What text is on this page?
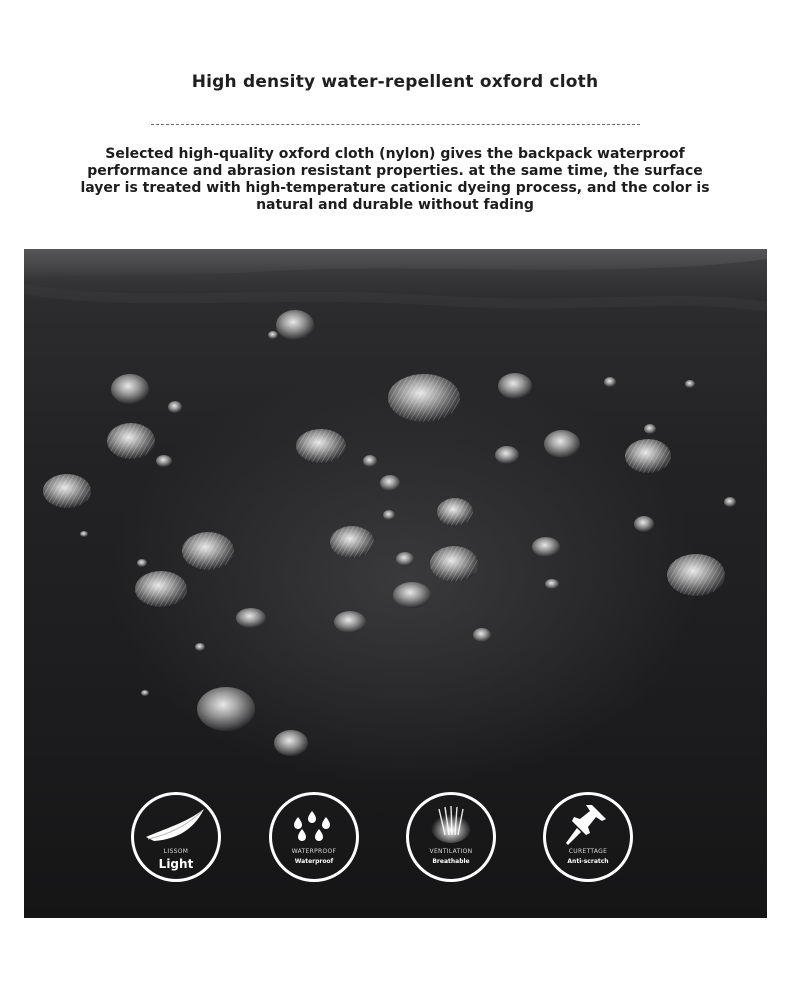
High density water-repellent oxford cloth
Selected high-quality oxford cloth (nylon) gives the backpack waterproof performance and abrasion resistant properties. at the same time, the surface layer is treated with high-temperature cationic dyeing process, and the color is natural and durable without fading
LISSOM
Light
WATERPROOF
Waterproof
VENTILATION
Breathable
CURETTAGE
Anti-scratch
